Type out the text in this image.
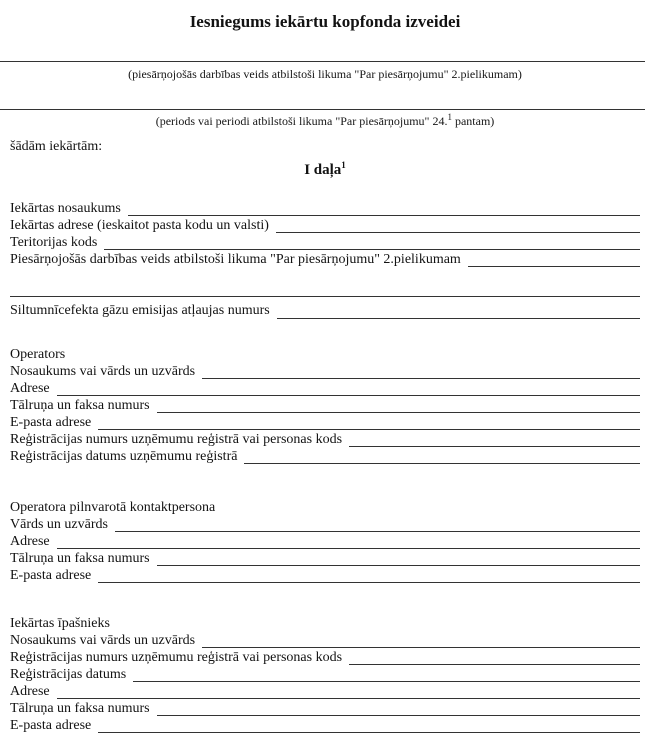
Iesniegums iekārtu kopfonda izveidei
(piesārņojošās darbības veids atbilstoši likuma "Par piesārņojumu" 2.pielikumam)
(periods vai periodi atbilstoši likuma "Par piesārņojumu" 24.$^1$ pantam)
šādām iekārtām:
I daļa$^1$
Iekārtas nosaukums
Iekārtas adrese (ieskaitot pasta kodu un valsti)
Teritorijas kods
Piesārņojošās darbības veids atbilstoši likuma "Par piesārņojumu" 2.pielikumam
Siltumnīcefekta gāzu emisijas atļaujas numurs
Operators
Nosaukums vai vārds un uzvārds
Adrese
Tālruņa un faksa numurs
E-pasta adrese
Reģistrācijas numurs uzņēmumu reģistrā vai personas kods
Reģistrācijas datums uzņēmumu reģistrā
Operatora pilnvarotā kontaktpersona
Vārds un uzvārds
Adrese
Tālruņa un faksa numurs
E-pasta adrese
Iekārtas īpašnieks
Nosaukums vai vārds un uzvārds
Reģistrācijas numurs uzņēmumu reģistrā vai personas kods
Reģistrācijas datums
Adrese
Tālruņa un faksa numurs
E-pasta adrese
